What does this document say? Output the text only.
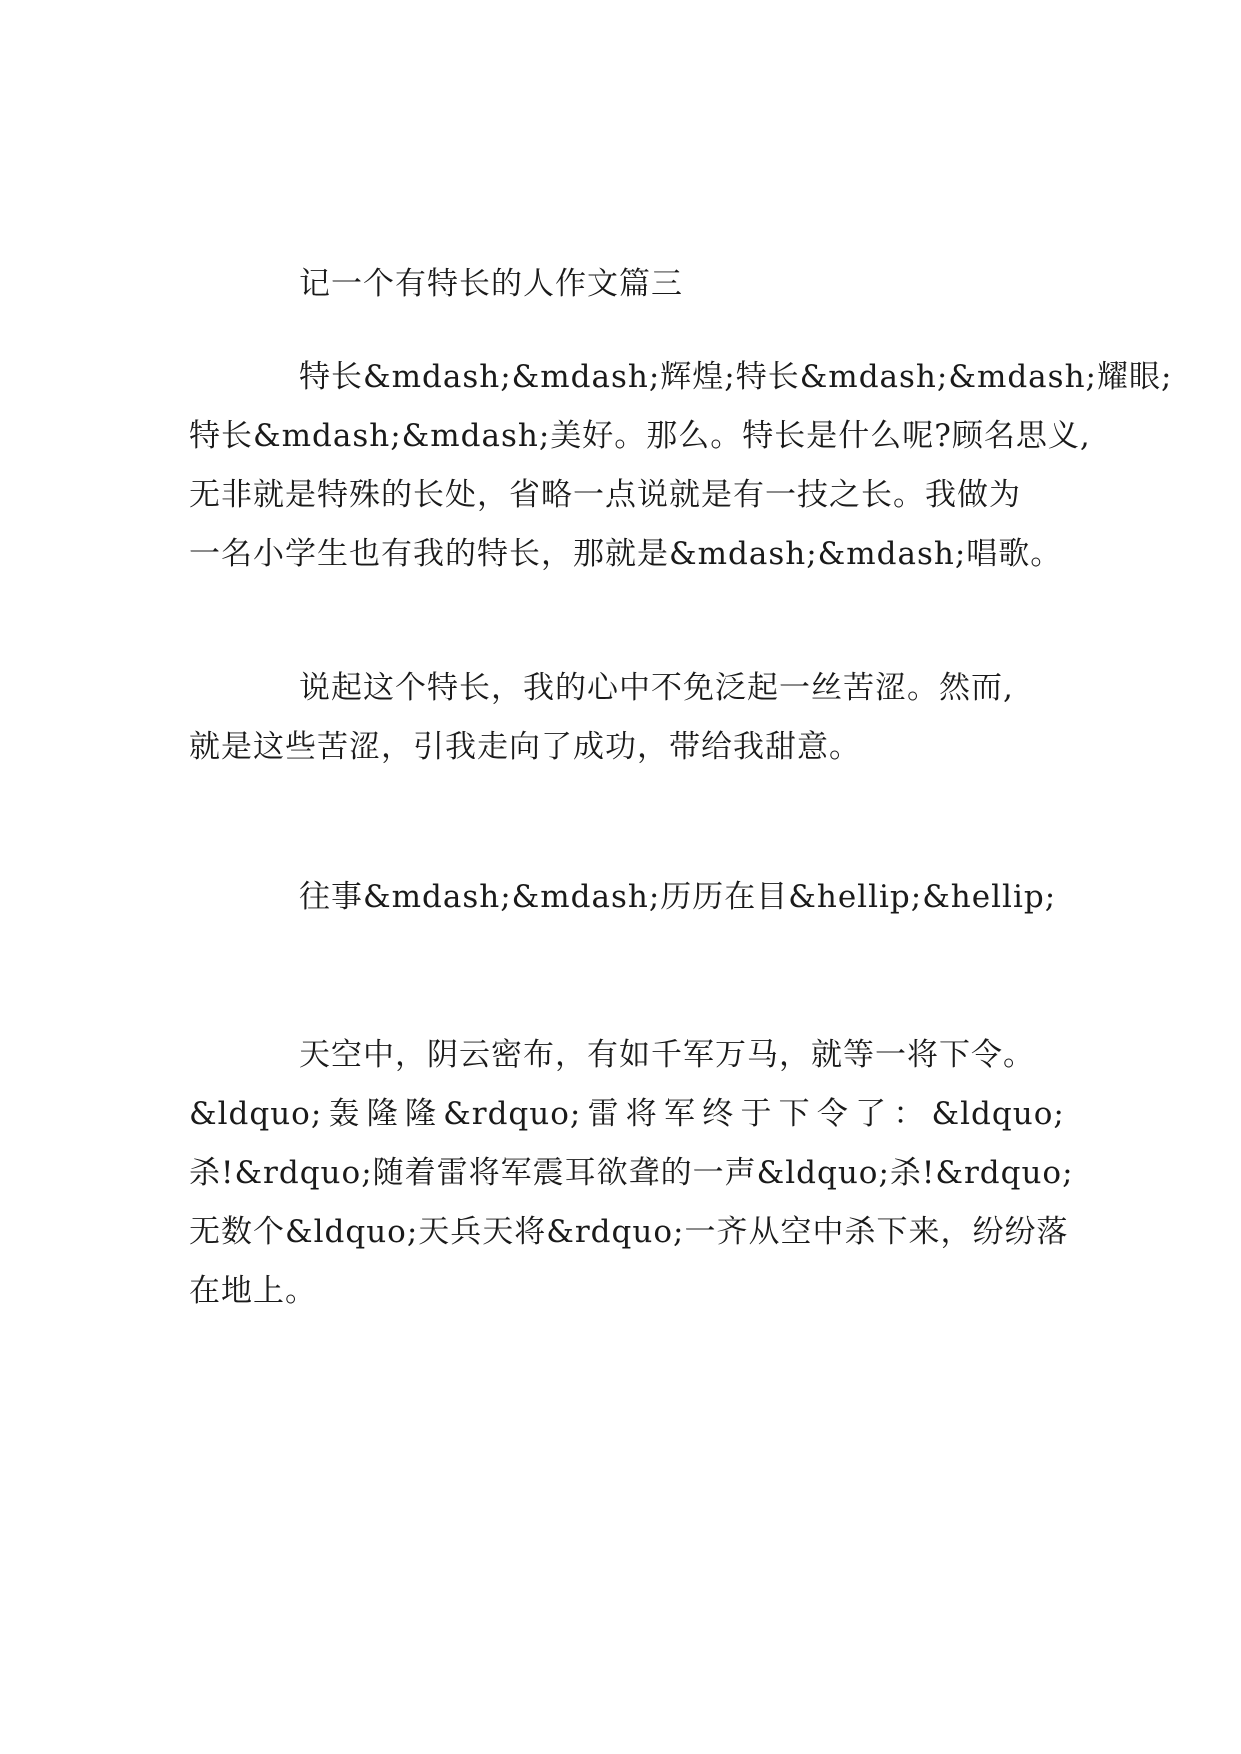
记一个有特长的人作文篇三
特长&mdash;&mdash;辉煌;特长&mdash;&mdash;耀眼;
特长&mdash;&mdash;美好。那么。特长是什么呢?顾名思义,
无非就是特殊的长处，省略一点说就是有一技之长。我做为
一名小学生也有我的特长，那就是&mdash;&mdash;唱歌。
说起这个特长，我的心中不免泛起一丝苦涩。然而,
就是这些苦涩，引我走向了成功，带给我甜意。
往事&mdash;&mdash;历历在目&hellip;&hellip;
天空中，阴云密布，有如千军万马，就等一将下令。
&ldquo; 轰 隆 隆 &rdquo; 雷 将 军 终 于 下 令 了 ： &ldquo;
杀!&rdquo;随着雷将军震耳欲聋的一声&ldquo;杀!&rdquo;
无数个&ldquo;天兵天将&rdquo;一齐从空中杀下来，纷纷落
在地上。
